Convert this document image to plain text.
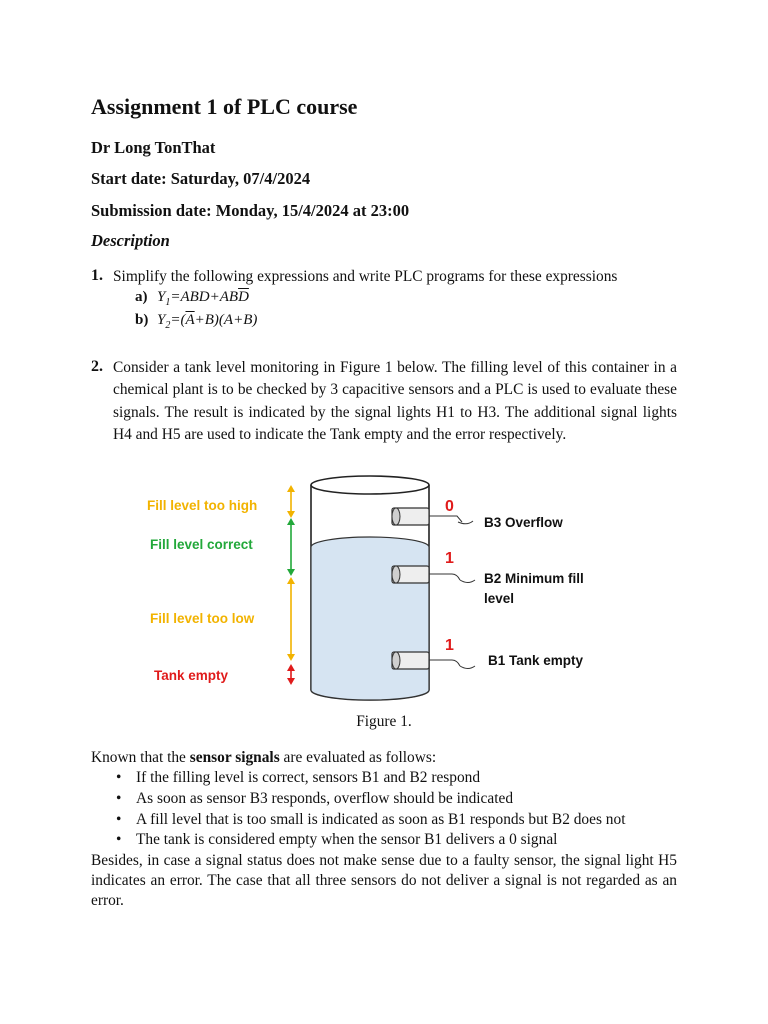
Assignment 1 of PLC course
Dr Long TonThat
Start date: Saturday, 07/4/2024
Submission date: Monday, 15/4/2024 at 23:00
Description
1. Simplify the following expressions and write PLC programs for these expressions
a) $Y_1=ABD+AB\overline{D}$
b) $Y_2=(\overline{A}+B)(A+B)$
2. Consider a tank level monitoring in Figure 1 below. The filling level of this container in a chemical plant is to be checked by 3 capacitive sensors and a PLC is used to evaluate these signals. The result is indicated by the signal lights H1 to H3. The additional signal lights H4 and H5 are used to indicate the Tank empty and the error respectively.
0
B3 Overflow
1
B2 Minimum fill
level
1
B1 Tank empty
Fill level too high
Fill level correct
Fill level too low
Tank empty
Figure 1.
Known that the sensor signals are evaluated as follows:
• If the filling level is correct, sensors B1 and B2 respond
• As soon as sensor B3 responds, overflow should be indicated
• A fill level that is too small is indicated as soon as B1 responds but B2 does not
• The tank is considered empty when the sensor B1 delivers a 0 signal
Besides, in case a signal status does not make sense due to a faulty sensor, the signal light H5 indicates an error. The case that all three sensors do not deliver a signal is not regarded as an error.
